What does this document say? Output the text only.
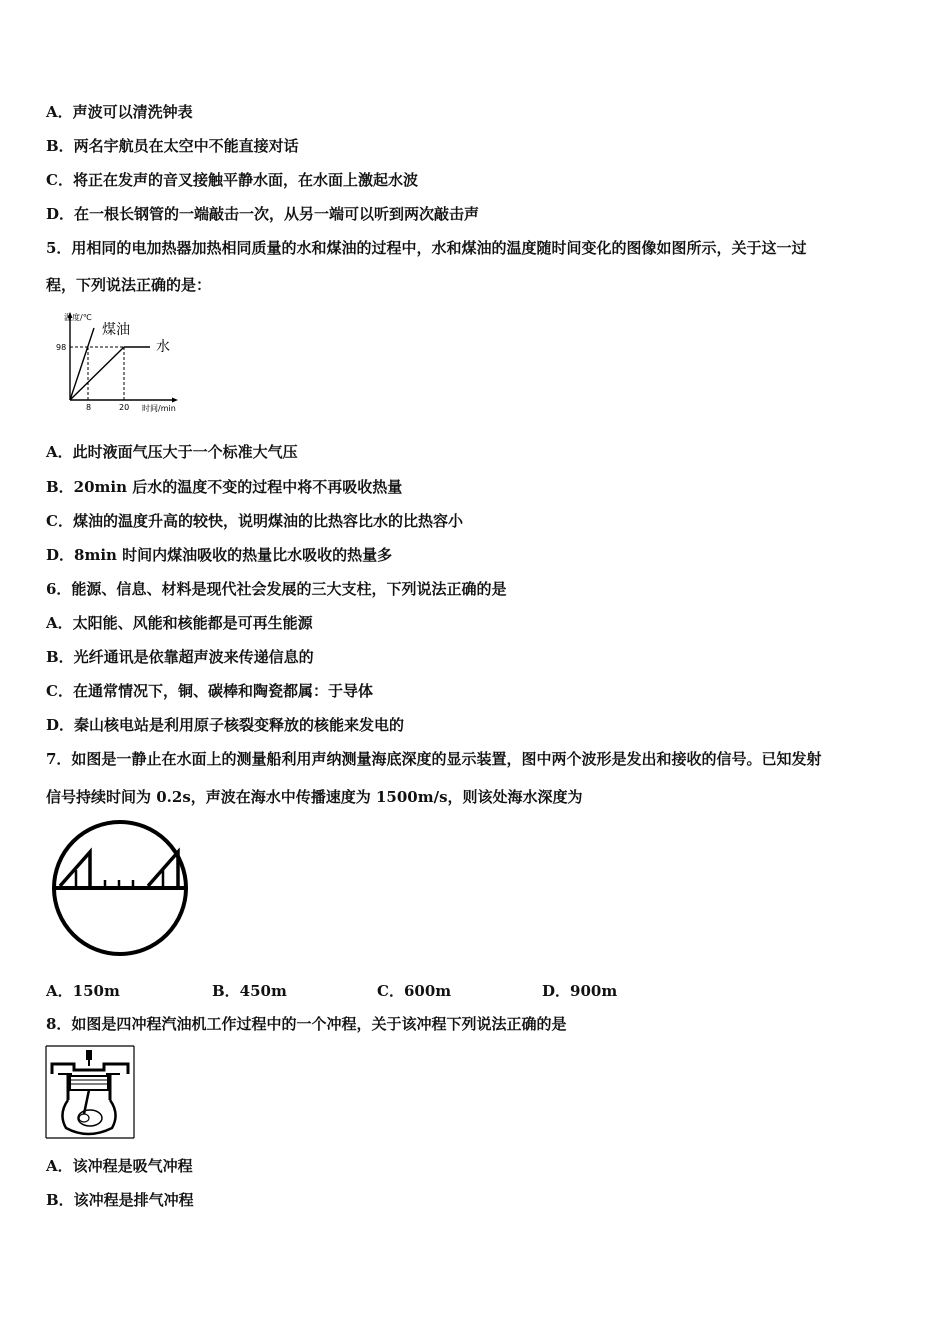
A．声波可以清洗钟表
B．两名宇航员在太空中不能直接对话
C．将正在发声的音叉接触平静水面，在水面上激起水波
D．在一根长钢管的一端敲击一次，从另一端可以听到两次敲击声
5．用相同的电加热器加热相同质量的水和煤油的过程中，水和煤油的温度随时间变化的图像如图所示，关于这一过
程，下列说法正确的是：
温度/℃
98
8	20 时间/min
煤油
水
A．此时液面气压大于一个标准大气压
B．20min 后水的温度不变的过程中将不再吸收热量
C．煤油的温度升高的较快，说明煤油的比热容比水的比热容小
D．8min 时间内煤油吸收的热量比水吸收的热量多
6．能源、信息、材料是现代社会发展的三大支柱，下列说法正确的是
A．太阳能、风能和核能都是可再生能源
B．光纤通讯是依靠超声波来传递信息的
C．在通常情况下，铜、碳棒和陶瓷都属：于导体
D．秦山核电站是利用原子核裂变释放的核能来发电的
7．如图是一静止在水面上的测量船利用声纳测量海底深度的显示装置，图中两个波形是发出和接收的信号。已知发射
信号持续时间为 0.2s，声波在海水中传播速度为 1500m/s，则该处海水深度为
A．150m	B．450m	C．600m	D．900m
8．如图是四冲程汽油机工作过程中的一个冲程，关于该冲程下列说法正确的是
A．该冲程是吸气冲程
B．该冲程是排气冲程
